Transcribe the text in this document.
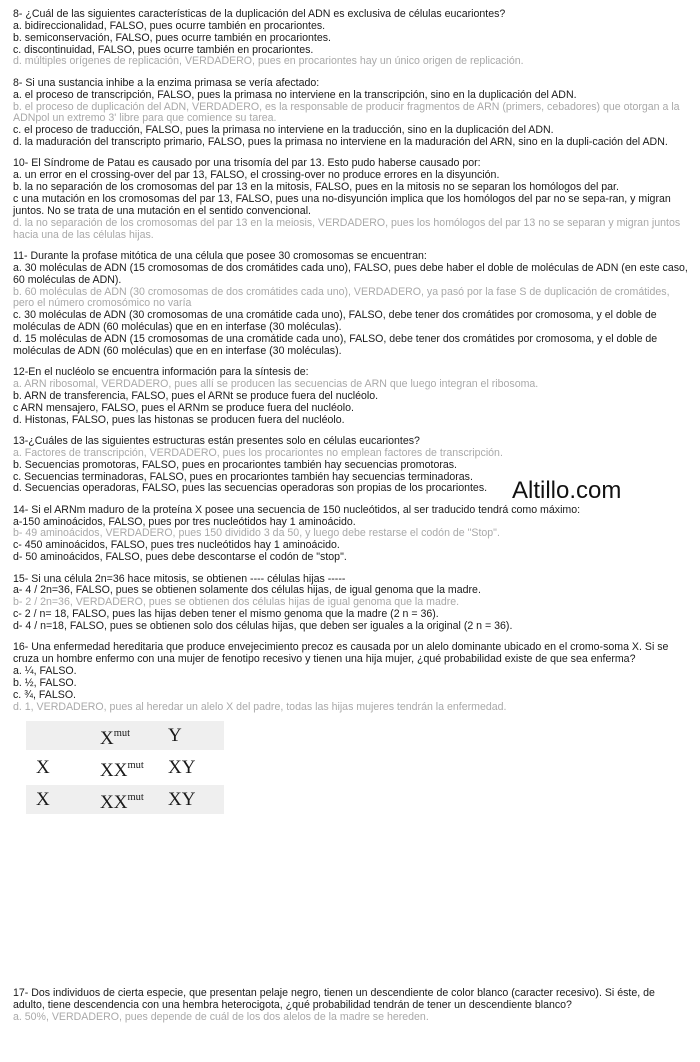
8- ¿Cuál de las siguientes características de la duplicación del ADN es exclusiva de células eucariontes?

a. bidireccionalidad, FALSO, pues ocurre también en procariontes.

b. semiconservación, FALSO, pues ocurre también en procariontes.

c. discontinuidad, FALSO, pues ocurre también en procariontes.

d. múltiples orígenes de replicación, VERDADERO, pues en procariontes hay un único origen de replicación.

8- Si una sustancia inhibe a la enzima primasa se vería afectado:

a. el proceso de transcripción, FALSO, pues la primasa no interviene en la transcripción, sino en la duplicación del ADN.

b. el proceso de duplicación del ADN, VERDADERO, es la responsable de producir fragmentos de ARN (primers, cebadores) que otorgan a la ADNpol un extremo 3' libre para que comience su tarea.

c. el proceso de traducción, FALSO, pues la primasa no interviene en la traducción, sino en la duplicación del ADN.

d. la maduración del transcripto primario, FALSO, pues la primasa no interviene en la maduración del ARN, sino en la dupli-cación del ADN.

10- El Síndrome de Patau es causado por una trisomía del par 13. Esto pudo haberse causado por:

a. un error en el crossing-over del par 13, FALSO, el crossing-over no produce errores en la disyunción.

b. la no separación de los cromosomas del par 13 en la mitosis, FALSO, pues en la mitosis no se separan los homólogos del par.

c una mutación en los cromosomas del par 13, FALSO, pues una no-disyunción implica que los homólogos del par no se sepa-ran, y migran juntos. No se trata de una mutación en el sentido convencional.

d. la no separación de los cromosomas del par 13 en la meiosis, VERDADERO, pues los homólogos del par 13 no se separan y migran juntos hacia una de las células hijas.

11- Durante la profase mitótica de una célula que posee 30 cromosomas se encuentran:

a. 30 moléculas de ADN (15 cromosomas de dos cromátides cada uno), FALSO, pues debe haber el doble de moléculas de ADN (en este caso, 60 moléculas de ADN).

b. 60 moléculas de ADN (30 cromosomas de dos cromátides cada uno), VERDADERO, ya pasó por la fase S de duplicación de cromátides, pero el número cromosómico no varía

c. 30 moléculas de ADN (30 cromosomas de una cromátide cada uno), FALSO, debe tener dos cromátides por cromosoma, y el doble de moléculas de ADN (60 moléculas) que en en interfase (30 moléculas).

d. 15 moléculas de ADN (15 cromosomas de una cromátide cada uno), FALSO, debe tener dos cromátides por cromosoma, y el doble de moléculas de ADN (60 moléculas) que en en interfase (30 moléculas).

12-En el nucléolo se encuentra información para la síntesis de:

a. ARN ribosomal, VERDADERO, pues allí se producen las secuencias de ARN que luego integran el ribosoma.

b. ARN de transferencia, FALSO, pues el ARNt se produce fuera del nucléolo.

c ARN mensajero, FALSO, pues el ARNm se produce fuera del nucléolo.

d. Histonas, FALSO, pues las histonas se producen fuera del nucléolo.

13-¿Cuáles de las siguientes estructuras están presentes solo en células eucariontes?

a. Factores de transcripción, VERDADERO, pues los procariontes no emplean factores de transcripción.

b. Secuencias promotoras, FALSO, pues en procariontes también hay secuencias promotoras.

c. Secuencias terminadoras, FALSO, pues en procariontes también hay secuencias terminadoras.

d. Secuencias operadoras, FALSO, pues las secuencias operadoras son propias de los procariontes.

14- Si el ARNm maduro de la proteína X posee una secuencia de 150 nucleótidos, al ser traducido tendrá como máximo:

a-150 aminoácidos, FALSO, pues por tres nucleótidos hay 1 aminoácido.

b- 49 aminoácidos, VERDADERO, pues 150 dividido 3 da 50, y luego debe restarse el codón de "Stop".

c- 450 aminoácidos, FALSO, pues tres nucleótidos hay 1 aminoácido.

d- 50 aminoácidos, FALSO, pues debe descontarse el codón de "stop".

15- Si una célula 2n=36 hace mitosis, se obtienen ---- células hijas -----

a- 4 / 2n=36, FALSO, pues se obtienen solamente dos células hijas, de igual genoma que la madre.

b- 2 / 2n=36, VERDADERO, pues se obtienen dos células hijas de igual genoma que la madre.

c- 2 / n= 18, FALSO, pues las hijas deben tener el mismo genoma que la madre (2 n = 36).

d- 4 / n=18, FALSO, pues se obtienen solo dos células hijas, que deben ser iguales a la original (2 n = 36).

16- Una enfermedad hereditaria que produce envejecimiento precoz es causada por un alelo dominante ubicado en el cromo-soma X. Si se cruza un hombre enfermo con una mujer de fenotipo recesivo y tienen una hija mujer, ¿qué probabilidad existe de que sea enferma?

a. ¼, FALSO.

b. ½, FALSO.

c. ¾, FALSO.

d. 1, VERDADERO, pues al heredar un alelo X del padre, todas las hijas mujeres tendrán la enfermedad.

	$X^{mut}$	Y
X	$XX^{mut}$	XY
X	$XX^{mut}$	XY
Altillo.com

17- Dos individuos de cierta especie, que presentan pelaje negro, tienen un descendiente de color blanco (caracter recesivo). Si éste, de adulto, tiene descendencia con una hembra heterocigota, ¿qué probabilidad tendrán de tener un descendiente blanco?

a. 50%, VERDADERO, pues depende de cuál de los dos alelos de la madre se hereden.
